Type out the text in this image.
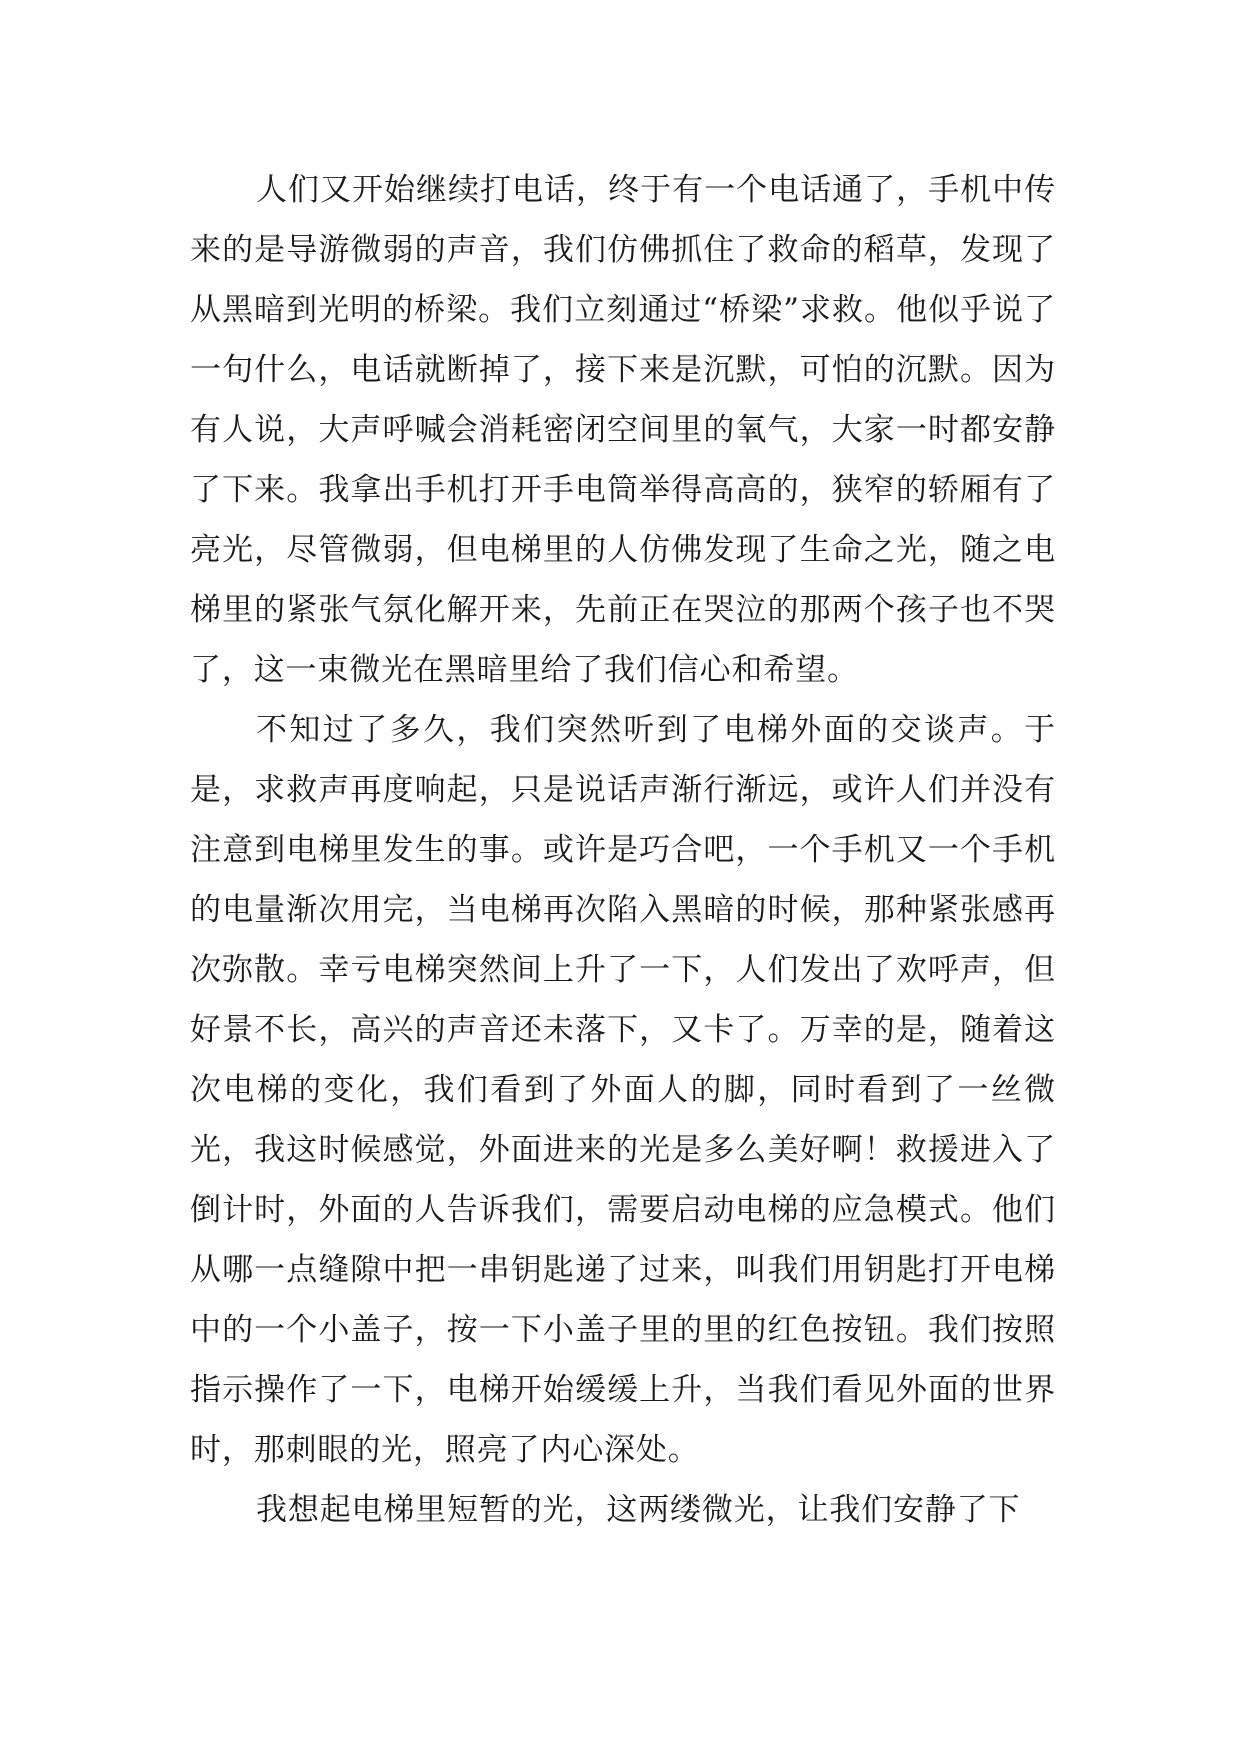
人们又开始继续打电话，终于有一个电话通了，手机中传来的是导游微弱的声音，我们仿佛抓住了救命的稻草，发现了从黑暗到光明的桥梁。我们立刻通过“桥梁”求救。他似乎说了一句什么，电话就断掉了，接下来是沉默，可怕的沉默。因为有人说，大声呼喊会消耗密闭空间里的氧气，大家一时都安静了下来。我拿出手机打开手电筒举得高高的，狭窄的轿厢有了亮光，尽管微弱，但电梯里的人仿佛发现了生命之光，随之电梯里的紧张气氛化解开来，先前正在哭泣的那两个孩子也不哭了，这一束微光在黑暗里给了我们信心和希望。

不知过了多久，我们突然听到了电梯外面的交谈声。于是，求救声再度响起，只是说话声渐行渐远，或许人们并没有注意到电梯里发生的事。或许是巧合吧，一个手机又一个手机的电量渐次用完，当电梯再次陷入黑暗的时候，那种紧张感再次弥散。幸亏电梯突然间上升了一下，人们发出了欢呼声，但好景不长，高兴的声音还未落下，又卡了。万幸的是，随着这次电梯的变化，我们看到了外面人的脚，同时看到了一丝微光，我这时候感觉，外面进来的光是多么美好啊！救援进入了倒计时，外面的人告诉我们，需要启动电梯的应急模式。他们从哪一点缝隙中把一串钥匙递了过来，叫我们用钥匙打开电梯中的一个小盖子，按一下小盖子里的里的红色按钮。我们按照指示操作了一下，电梯开始缓缓上升，当我们看见外面的世界时，那刺眼的光，照亮了内心深处。

我想起电梯里短暂的光，这两缕微光，让我们安静了下
